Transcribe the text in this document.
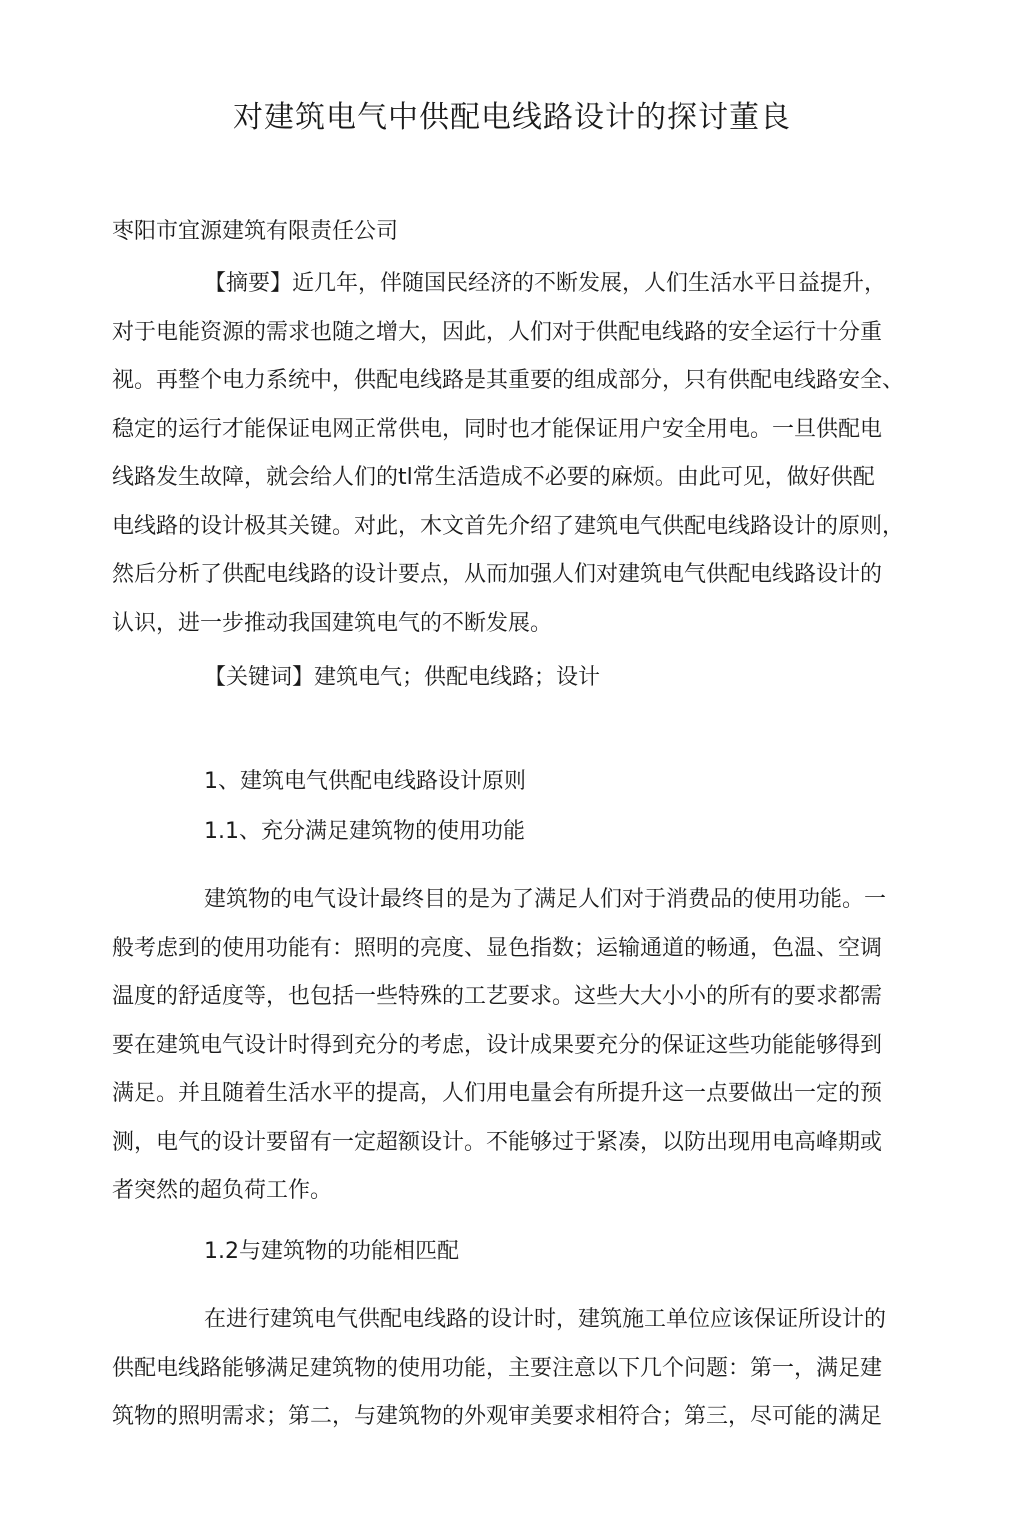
对建筑电气中供配电线路设计的探讨董良
枣阳市宜源建筑有限责任公司
【摘要】近几年，伴随国民经济的不断发展，人们生活水平日益提升，
对于电能资源的需求也随之增大，因此，人们对于供配电线路的安全运行十分重
视。再整个电力系统中，供配电线路是其重要的组成部分，只有供配电线路安全、
稳定的运行才能保证电网正常供电，同时也才能保证用户安全用电。一旦供配电
线路发生故障，就会给人们的tl常生活造成不必要的麻烦。由此可见，做好供配
电线路的设计极其关键。对此，木文首先介绍了建筑电气供配电线路设计的原则，
然后分析了供配电线路的设计要点，从而加强人们对建筑电气供配电线路设计的
认识，进一步推动我国建筑电气的不断发展。
【关键词】建筑电气；供配电线路；设计
1、建筑电气供配电线路设计原则
1.1、充分满足建筑物的使用功能
建筑物的电气设计最终目的是为了满足人们对于消费品的使用功能。一
般考虑到的使用功能有：照明的亮度、显色指数；运输通道的畅通，色温、空调
温度的舒适度等，也包括一些特殊的工艺要求。这些大大小小的所有的要求都需
要在建筑电气设计时得到充分的考虑，设计成果要充分的保证这些功能能够得到
满足。并且随着生活水平的提高，人们用电量会有所提升这一点要做出一定的预
测，电气的设计要留有一定超额设计。不能够过于紧凑，以防出现用电高峰期或
者突然的超负荷工作。
1.2与建筑物的功能相匹配
在进行建筑电气供配电线路的设计时，建筑施工单位应该保证所设计的
供配电线路能够满足建筑物的使用功能，主要注意以下几个问题：第一，满足建
筑物的照明需求；第二，与建筑物的外观审美要求相符合；第三，尽可能的满足
